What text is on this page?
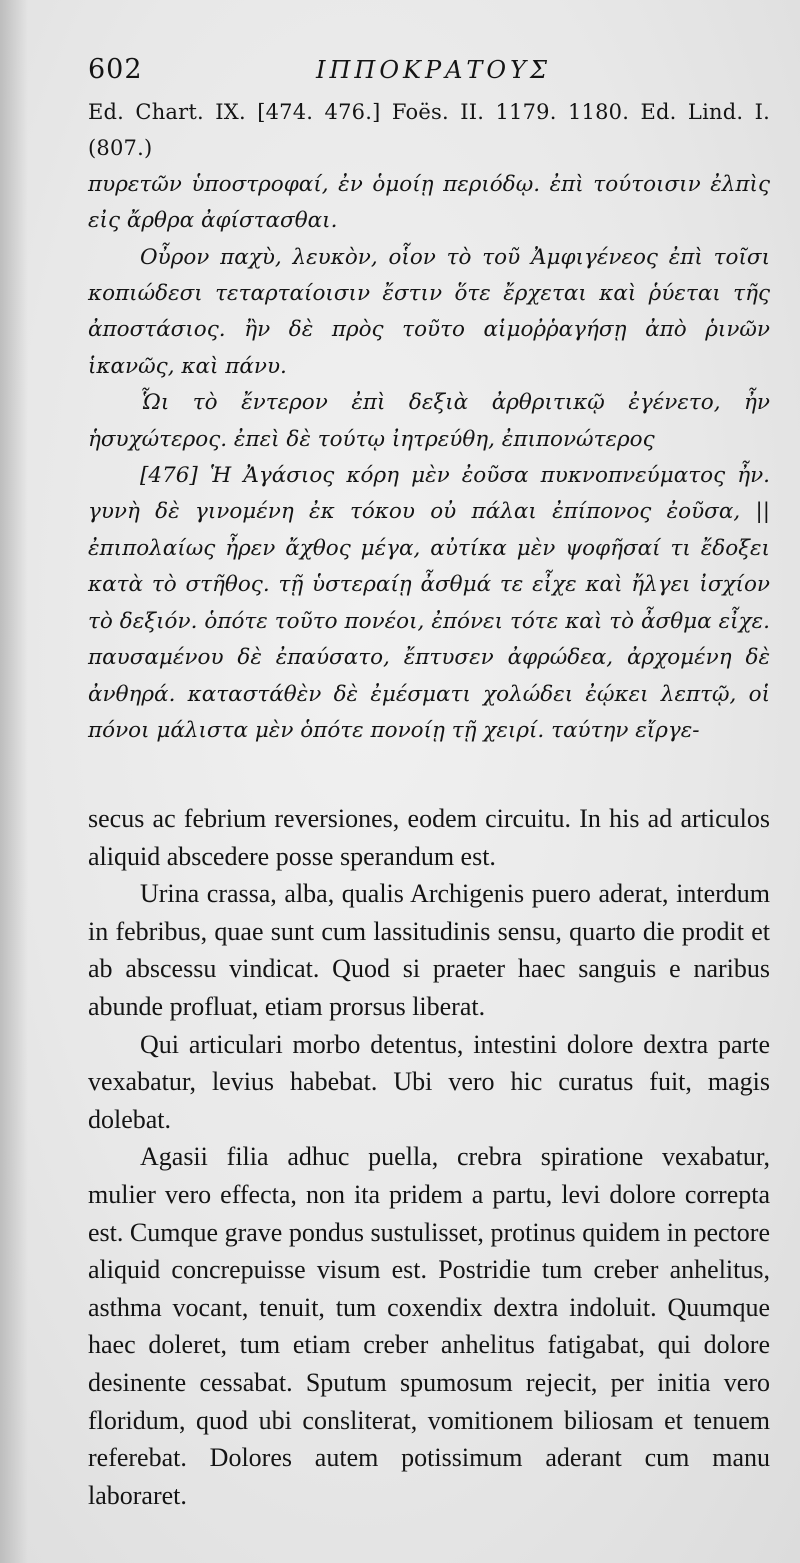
602	ΙΠΠΟΚΡΑΤΟΥΣ

Ed. Chart. IX. [474. 476.] Foës. II. 1179. 1180. Ed. Lind. I. (807.)

πυρετῶν ὑποστροφαί, ἐν ὁμοίῃ περιόδῳ. ἐπὶ τούτοισιν ἐλπὶς εἰς ἄρθρα ἀφίστασθαι.

Οὖρον παχὺ, λευκὸν, οἷον τὸ τοῦ Ἀμφιγένεος ἐπὶ τοῖσι κοπιώδεσι τεταρταίοισιν ἔστιν ὅτε ἔρχεται καὶ ῥύεται τῆς ἀποστάσιος. ἢν δὲ πρὸς τοῦτο αἱμοῤῥαγήσῃ ἀπὸ ῥινῶν ἱκανῶς, καὶ πάνυ.

Ὧι τὸ ἔντερον ἐπὶ δεξιὰ ἀρθριτικῷ ἐγένετο, ἦν ἡσυχώτερος. ἐπεὶ δὲ τούτῳ ἰητρεύθη, ἐπιπονώτερος

[476] Ἡ Ἀγάσιος κόρη μὲν ἐοῦσα πυκνοπνεύματος ἦν. γυνὴ δὲ γινομένη ἐκ τόκου οὐ πάλαι ἐπίπονος ἐοῦσα, || ἐπιπολαίως ἦρεν ἄχθος μέγα, αὐτίκα μὲν ψοφῆσαί τι ἔδοξει κατὰ τὸ στῆθος. τῇ ὑστεραίῃ ἆσθμά τε εἶχε καὶ ἤλγει ἰσχίον τὸ δεξιόν. ὁπότε τοῦτο πονέοι, ἐπόνει τότε καὶ τὸ ἆσθμα εἶχε. παυσαμένου δὲ ἐπαύσατο, ἔπτυσεν ἀφρώδεα, ἀρχομένη δὲ ἀνθηρά. καταστάθὲν δὲ ἐμέσματι χολώδει ἐῴκει λεπτῷ, οἱ πόνοι μάλιστα μὲν ὁπότε πονοίῃ τῇ χειρί. ταύτην εἴργε-

secus ac febrium reversiones, eodem circuitu. In his ad articulos aliquid abscedere posse sperandum est.

Urina crassa, alba, qualis Archigenis puero aderat, interdum in febribus, quae sunt cum lassitudinis sensu, quarto die prodit et ab abscessu vindicat. Quod si praeter haec sanguis e naribus abunde profluat, etiam prorsus liberat.

Qui articulari morbo detentus, intestini dolore dextra parte vexabatur, levius habebat. Ubi vero hic curatus fuit, magis dolebat.

Agasii filia adhuc puella, crebra spiratione vexabatur, mulier vero effecta, non ita pridem a partu, levi dolore correpta est. Cumque grave pondus sustulisset, protinus quidem in pectore aliquid concrepuisse visum est. Postridie tum creber anhelitus, asthma vocant, tenuit, tum coxendix dextra indoluit. Quumque haec doleret, tum etiam creber anhelitus fatigabat, qui dolore desinente cessabat. Sputum spumosum rejecit, per initia vero floridum, quod ubi consliterat, vomitionem biliosam et tenuem referebat. Dolores autem potissimum aderant cum manu laboraret.
